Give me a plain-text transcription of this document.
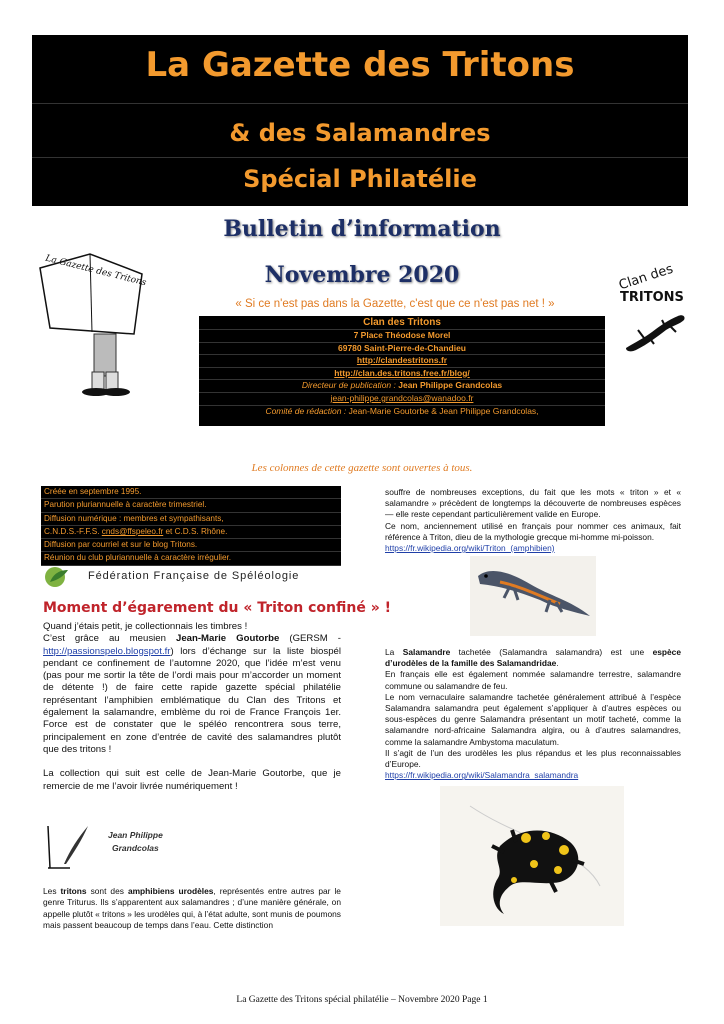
La Gazette des Tritons
& des Salamandres
Spécial Philatélie
Bulletin d’information
Novembre 2020
« Si ce n'est pas dans la Gazette, c'est que ce n'est pas net ! »
La Gazette des Tritons	Clan des
TRITONS
Clan des Tritons
7 Place Théodose Morel
69780 Saint-Pierre-de-Chandieu
http://clandestritons.fr
http://clan.des.tritons.free.fr/blog/
Directeur de publication : Jean Philippe Grandcolas
jean-philippe.grandcolas@wanadoo.fr
Comité de rédaction : Jean-Marie Goutorbe & Jean Philippe Grandcolas,
Les colonnes de cette gazette sont ouvertes à tous.
Créée en septembre 1995.
Parution pluriannuelle à caractère trimestriel.
Diffusion numérique : membres et sympathisants,
C.N.D.S.-F.F.S. cnds@ffspeleo.fr et C.D.S. Rhône.
Diffusion par courriel et sur le blog Tritons.
Réunion du club pluriannuelle à caractère irrégulier.
Fédération Française de Spéléologie
Moment d’égarement du « Triton confiné » !
Quand j’étais petit, je collectionnais les timbres !
C’est grâce au meusien Jean-Marie Goutorbe (GERSM - http://passionspelo.blogspot.fr) lors d’échange sur la liste biospél pendant ce confinement de l’automne 2020, que l’idée m’est venu (pas pour me sortir la tête de l’ordi mais pour m’accorder un moment de détente !) de faire cette rapide gazette spécial philatélie représentant l’amphibien emblématique du Clan des Tritons et également la salamandre, emblème du roi de France François 1er. Force est de constater que le spéléo rencontrera sous terre, principalement en zone d’entrée de cavité des salamandres plutôt que des tritons !
La collection qui suit est celle de Jean-Marie Goutorbe, que je remercie de me l’avoir livrée numériquement !
Jean Philippe
Grandcolas
Les tritons sont des amphibiens urodèles, représentés entre autres par le genre Triturus. Ils s’apparentent aux salamandres ; d’une manière générale, on appelle plutôt « tritons » les urodèles qui, à l’état adulte, sont munis de poumons mais passent beaucoup de temps dans l’eau. Cette distinction
souffre de nombreuses exceptions, du fait que les mots « triton » et « salamandre » précèdent de longtemps la découverte de nombreuses espèces — elle reste cependant particulièrement valide en Europe.
Ce nom, anciennement utilisé en français pour nommer ces animaux, fait référence à Triton, dieu de la mythologie grecque mi-homme mi-poisson.
https://fr.wikipedia.org/wiki/Triton_(amphibien)
La Salamandre tachetée (Salamandra salamandra) est une espèce d’urodèles de la famille des Salamandridae.
En français elle est également nommée salamandre terrestre, salamandre commune ou salamandre de feu.
Le nom vernaculaire salamandre tachetée généralement attribué à l’espèce Salamandra salamandra peut également s’appliquer à d’autres espèces ou sous-espèces du genre Salamandra présentant un motif tacheté, comme la salamandre nord-africaine Salamandra algira, ou à d’autres salamandres, comme la salamandre Ambystoma maculatum.
Il s’agit de l’un des urodèles les plus répandus et les plus reconnaissables d’Europe.
https://fr.wikipedia.org/wiki/Salamandra_salamandra
La Gazette des Tritons spécial philatélie – Novembre 2020 Page 1
